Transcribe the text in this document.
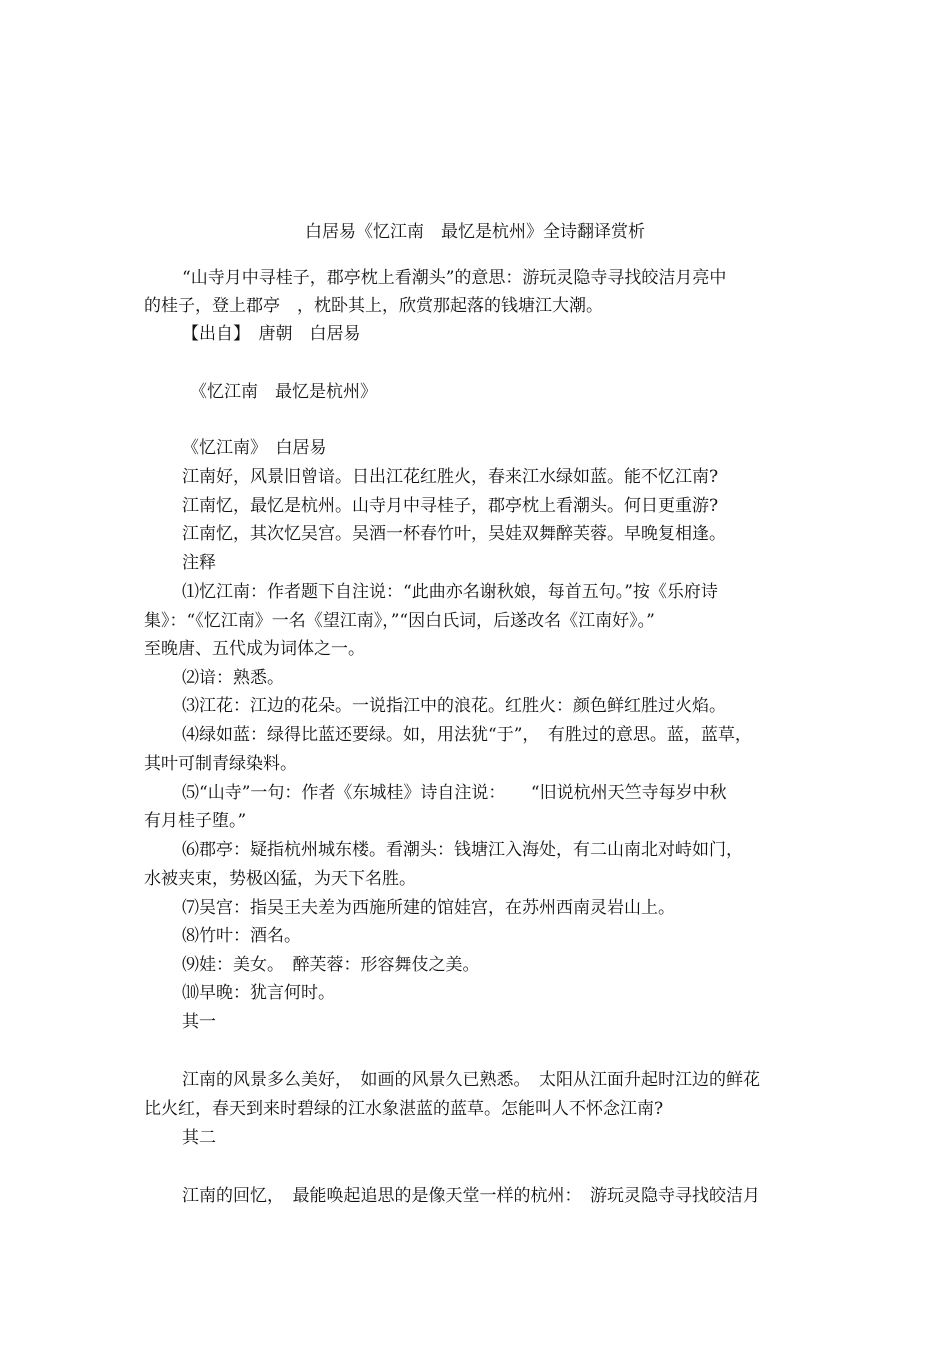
白居易《忆江南　最忆是杭州》全诗翻译赏析
“山寺月中寻桂子，郡亭枕上看潮头”的意思：游玩灵隐寺寻找皎洁月亮中
的桂子，登上郡亭　，枕卧其上，欣赏那起落的钱塘江大潮。
【出自】　唐朝　白居易
《忆江南　最忆是杭州》
《忆江南》　白居易
江南好，风景旧曾谙。日出江花红胜火，春来江水绿如蓝。能不忆江南?
江南忆，最忆是杭州。山寺月中寻桂子，郡亭枕上看潮头。何日更重游?
江南忆，其次忆吴宫。吴酒一杯春竹叶，吴娃双舞醉芙蓉。早晚复相逢。
注释
⑴忆江南：作者题下自注说：“此曲亦名谢秋娘，每首五句。”按《乐府诗
集》：“《忆江南》一名《望江南》，”“因白氏词，后遂改名《江南好》。”
至晚唐、五代成为词体之一。
⑵谙：熟悉。
⑶江花：江边的花朵。一说指江中的浪花。红胜火：颜色鲜红胜过火焰。
⑷绿如蓝：绿得比蓝还要绿。如，用法犹“于”，　有胜过的意思。蓝，蓝草，
其叶可制青绿染料。
⑸“山寺”一句：作者《东城桂》诗自注说：　　“旧说杭州天竺寺每岁中秋
有月桂子堕。”
⑹郡亭：疑指杭州城东楼。看潮头：钱塘江入海处，有二山南北对峙如门，
水被夹束，势极凶猛，为天下名胜。
⑺吴宫：指吴王夫差为西施所建的馆娃宫，在苏州西南灵岩山上。
⑻竹叶：酒名。
⑼娃：美女。　醉芙蓉：形容舞伎之美。
⑽早晚：犹言何时。
其一
江南的风景多么美好，　如画的风景久已熟悉。　太阳从江面升起时江边的鲜花
比火红，春天到来时碧绿的江水象湛蓝的蓝草。怎能叫人不怀念江南?
其二
江南的回忆，　最能唤起追思的是像天堂一样的杭州：　游玩灵隐寺寻找皎洁月
